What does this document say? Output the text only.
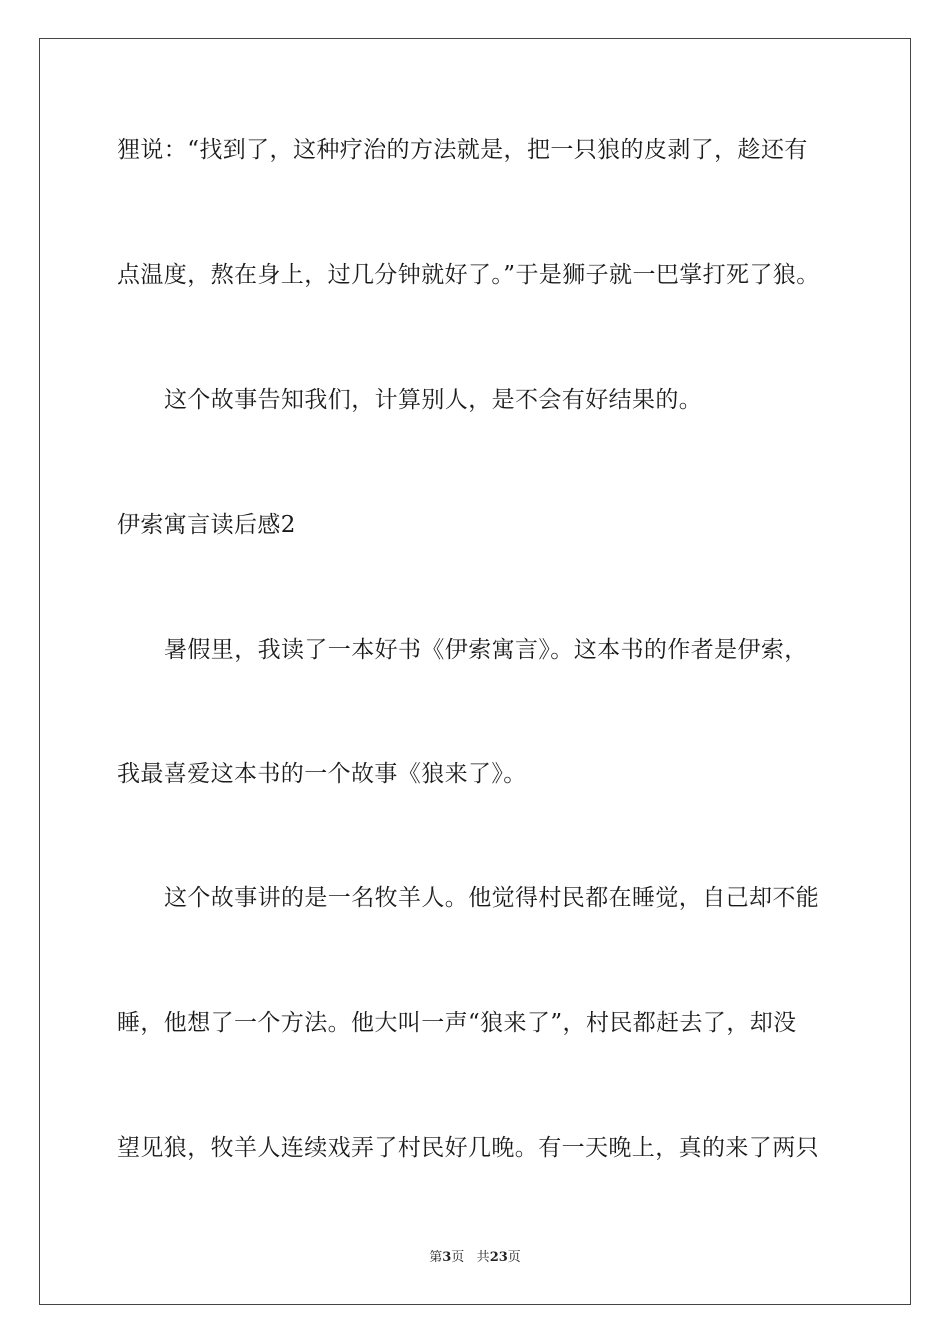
狸说：“找到了，这种疗治的方法就是，把一只狼的皮剥了，趁还有
点温度，熬在身上，过几分钟就好了。”于是狮子就一巴掌打死了狼。
这个故事告知我们，计算别人，是不会有好结果的。
伊索寓言读后感2
暑假里，我读了一本好书《伊索寓言》。这本书的作者是伊索，
我最喜爱这本书的一个故事《狼来了》。
这个故事讲的是一名牧羊人。他觉得村民都在睡觉，自己却不能
睡，他想了一个方法。他大叫一声“狼来了”，村民都赶去了，却没
望见狼，牧羊人连续戏弄了村民好几晚。有一天晚上，真的来了两只
第3页 共23页
